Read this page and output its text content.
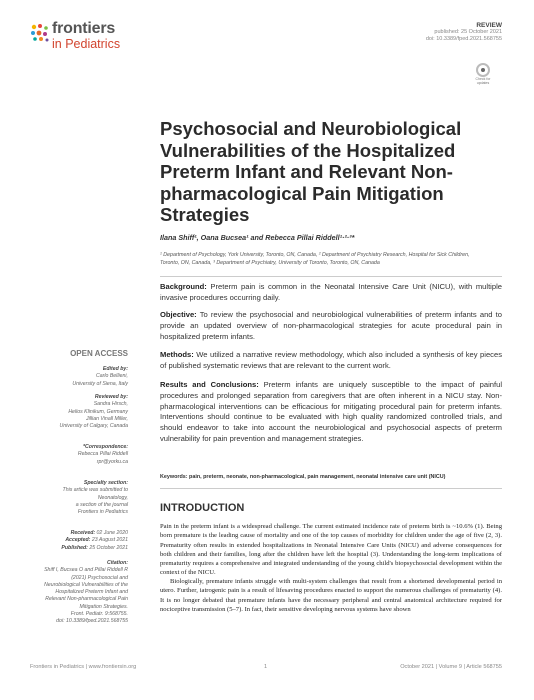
frontiers
in Pediatrics
REVIEW
published: 25 October 2021
doi: 10.3389/fped.2021.568755
Check for updates
Psychosocial and Neurobiological Vulnerabilities of the Hospitalized Preterm Infant and Relevant Non-pharmacological Pain Mitigation Strategies
Ilana Shiff¹, Oana Bucsea¹ and Rebecca Pillai Riddell¹·²·³*
¹ Department of Psychology, York University, Toronto, ON, Canada, ² Department of Psychiatry Research, Hospital for Sick Children, Toronto, ON, Canada, ³ Department of Psychiatry, University of Toronto, Toronto, ON, Canada
Background: Preterm pain is common in the Neonatal Intensive Care Unit (NICU), with multiple invasive procedures occurring daily.
Objective: To review the psychosocial and neurobiological vulnerabilities of preterm infants and to provide an updated overview of non-pharmacological strategies for acute procedural pain in hospitalized preterm infants.
Methods: We utilized a narrative review methodology, which also included a synthesis of key pieces of published systematic reviews that are relevant to the current work.
Results and Conclusions: Preterm infants are uniquely susceptible to the impact of painful procedures and prolonged separation from caregivers that are often inherent in a NICU stay. Non-pharmacological interventions can be efficacious for mitigating procedural pain for preterm infants. Interventions should continue to be evaluated with high quality randomized controlled trials, and should endeavor to take into account the neurobiological and psychosocial aspects of preterm vulnerability for pain prevention and management strategies.
Keywords: pain, preterm, neonate, non-pharmacological, pain management, neonatal intensive care unit (NICU)
INTRODUCTION
Pain in the preterm infant is a widespread challenge. The current estimated incidence rate of preterm birth is ~10.6% (1). Being born premature is the leading cause of mortality and one of the top causes of morbidity for children under the age of five (2, 3). Prematurity often results in extended hospitalizations in Neonatal Intensive Care Units (NICU) and adverse consequences for both children and their families, long after the children have left the hospital (3). Understanding the long-term implications of prematurity requires a comprehensive and integrated understanding of the young child's biopsychosocial development within the context of the NICU.
Biologically, premature infants struggle with multi-system challenges that result from a shortened developmental period in utero. Further, iatrogenic pain is a result of lifesaving procedures enacted to support the numerous challenges of prematurity (4). It is no longer debated that premature infants have the necessary peripheral and central anatomical architecture required for nociceptive transmission (5–7). In fact, their sensitive developing nervous systems have shown
OPEN ACCESS
Edited by:
Carlo Bellieni,
University of Siena, Italy
Reviewed by:
Sandra Hirsch,
Helios Klinikum, Germany
Jillian Vinall Miller,
University of Calgary, Canada
*Correspondence:
Rebecca Pillai Riddell
rpr@yorku.ca
Specialty section:
This article was submitted to
Neonatology,
a section of the journal
Frontiers in Pediatrics
Received: 02 June 2020
Accepted: 23 August 2021
Published: 25 October 2021
Citation:
Shiff I, Bucsea O and Pillai Riddell R
(2021) Psychosocial and
Neurobiological Vulnerabilities of the
Hospitalized Preterm Infant and
Relevant Non-pharmacological Pain
Mitigation Strategies.
Front. Pediatr. 9:568755.
doi: 10.3389/fped.2021.568755
Frontiers in Pediatrics | www.frontiersin.org	1	October 2021 | Volume 9 | Article 568755
